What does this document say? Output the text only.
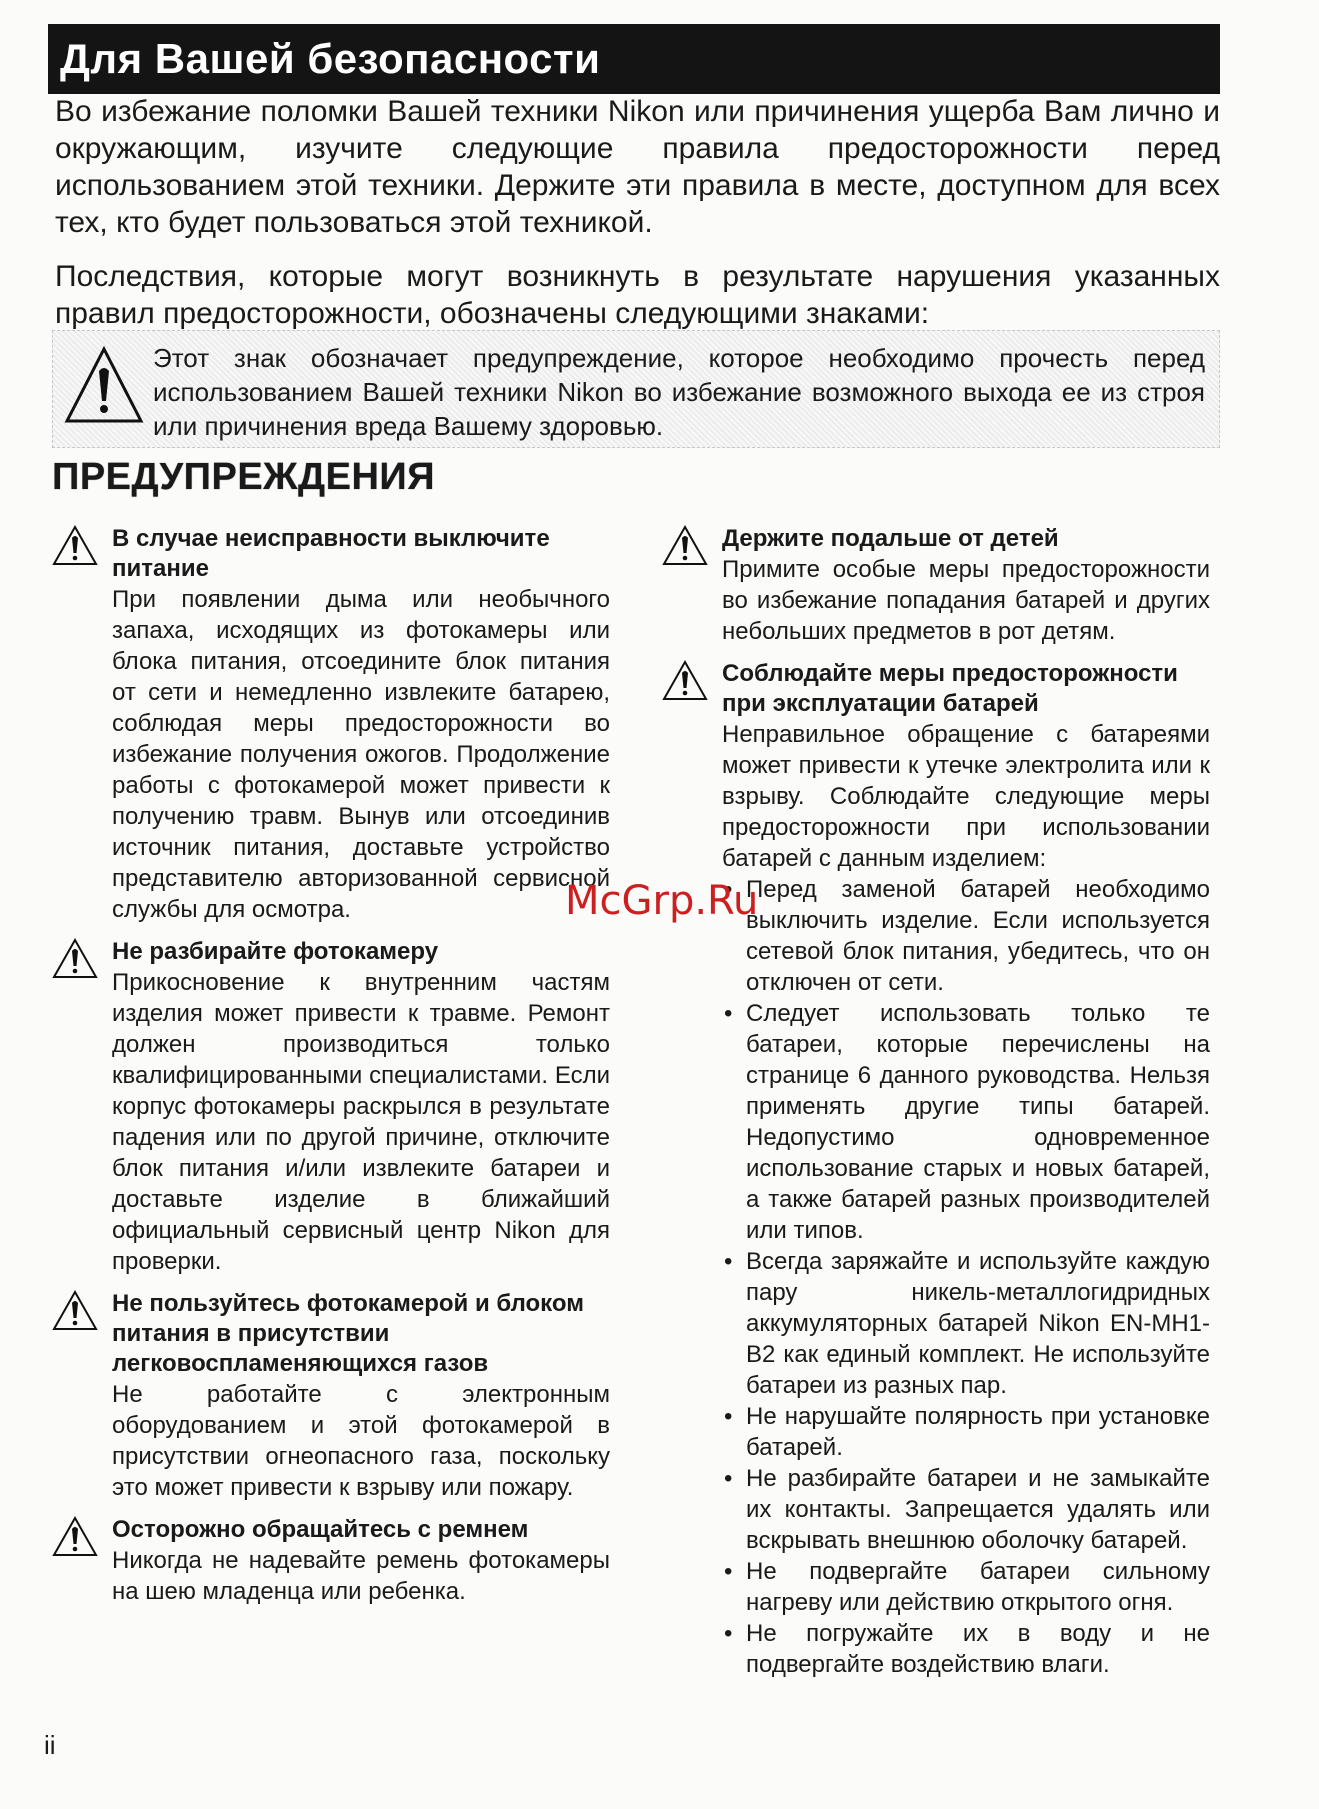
Для Вашей безопасности

Во избежание поломки Вашей техники Nikon или причинения ущерба Вам лично и окружающим, изучите следующие правила предосторожности перед использованием этой техники. Держите эти правила в месте, доступном для всех тех, кто будет пользоваться этой техникой.

Последствия, которые могут возникнуть в результате нарушения указанных правил предосторожности, обозначены следующими знаками:

Этот знак обозначает предупреждение, которое необходимо прочесть перед использованием Вашей техники Nikon во избежание возможного выхода ее из строя или причинения вреда Вашему здоровью.

ПРЕДУПРЕЖДЕНИЯ
В случае неисправности выключите питание

При появлении дыма или необычного запаха, исходящих из фотокамеры или блока питания, отсоедините блок питания от сети и немедленно извлеките батарею, соблюдая меры предосторожности во избежание получения ожогов. Продолжение работы с фотокамерой может привести к получению травм. Вынув или отсоединив источник питания, доставьте устройство представителю авторизованной сервисной службы для осмотра.

Не разбирайте фотокамеру

Прикосновение к внутренним частям изделия может привести к травме. Ремонт должен производиться только квалифицированными специалистами. Если корпус фотокамеры раскрылся в результате падения или по другой причине, отключите блок питания и/или извлеките батареи и доставьте изделие в ближайший официальный сервисный центр Nikon для проверки.

Не пользуйтесь фотокамерой и блоком питания в присутствии легковоспламеняющихся газов

Не работайте с электронным оборудованием и этой фотокамерой в присутствии огнеопасного газа, поскольку это может привести к взрыву или пожару.

Осторожно обращайтесь с ремнем

Никогда не надевайте ремень фотокамеры на шею младенца или ребенка.

Держите подальше от детей

Примите особые меры предосторожности во избежание попадания батарей и других небольших предметов в рот детям.

Соблюдайте меры предосторожности при эксплуатации батарей

Неправильное обращение с батареями может привести к утечке электролита или к взрыву. Соблюдайте следующие меры предосторожности при использовании батарей с данным изделием:

• Перед заменой батарей необходимо выключить изделие. Если используется сетевой блок питания, убедитесь, что он отключен от сети.
• Следует использовать только те батареи, которые перечислены на странице 6 данного руководства. Нельзя применять другие типы батарей. Недопустимо одновременное использование старых и новых батарей, а также батарей разных производителей или типов.
• Всегда заряжайте и используйте каждую пару никель-металлогидридных аккумуляторных батарей Nikon EN-MH1-B2 как единый комплект. Не используйте батареи из разных пар.
• Не нарушайте полярность при установке батарей.
• Не разбирайте батареи и не замыкайте их контакты. Запрещается удалять или вскрывать внешнюю оболочку батарей.
• Не подвергайте батареи сильному нагреву или действию открытого огня.
• Не погружайте их в воду и не подвергайте воздействию влаги.
McGrp.Ru
ii
